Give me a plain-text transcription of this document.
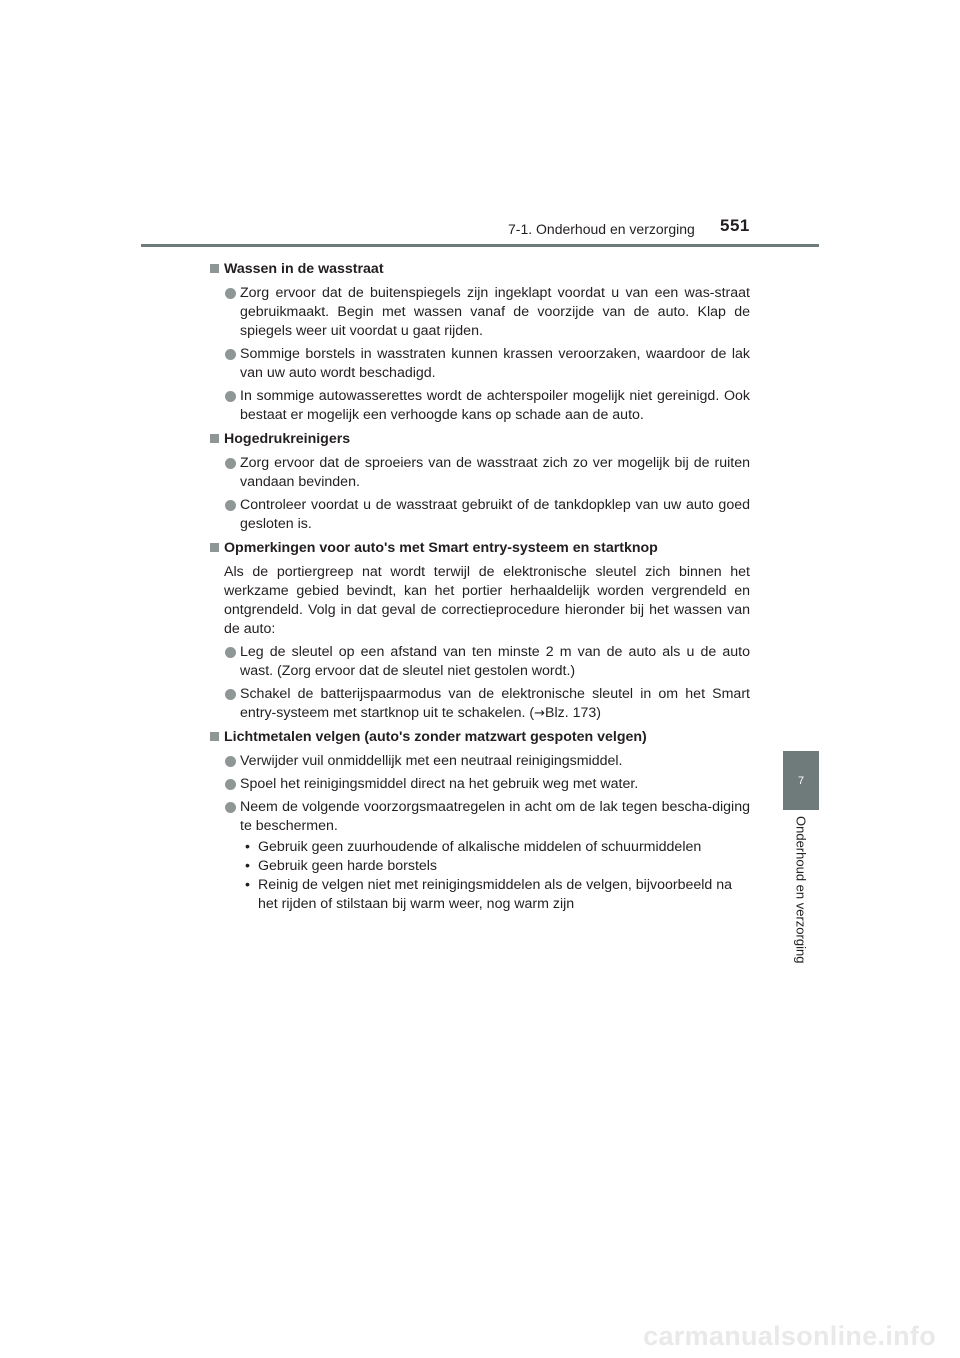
7-1. Onderhoud en verzorging 551
7
Onderhoud en verzorging
Wassen in de wasstraat
Zorg ervoor dat de buitenspiegels zijn ingeklapt voordat u van een was-straat gebruikmaakt. Begin met wassen vanaf de voorzijde van de auto. Klap de spiegels weer uit voordat u gaat rijden.
Sommige borstels in wasstraten kunnen krassen veroorzaken, waardoor de lak van uw auto wordt beschadigd.
In sommige autowasserettes wordt de achterspoiler mogelijk niet gereinigd. Ook bestaat er mogelijk een verhoogde kans op schade aan de auto.
Hogedrukreinigers
Zorg ervoor dat de sproeiers van de wasstraat zich zo ver mogelijk bij de ruiten vandaan bevinden.
Controleer voordat u de wasstraat gebruikt of de tankdopklep van uw auto goed gesloten is.
Opmerkingen voor auto's met Smart entry-systeem en startknop
Als de portiergreep nat wordt terwijl de elektronische sleutel zich binnen het werkzame gebied bevindt, kan het portier herhaaldelijk worden vergrendeld en ontgrendeld. Volg in dat geval de correctieprocedure hieronder bij het wassen van de auto:
Leg de sleutel op een afstand van ten minste 2 m van de auto als u de auto wast. (Zorg ervoor dat de sleutel niet gestolen wordt.)
Schakel de batterijspaarmodus van de elektronische sleutel in om het Smart entry-systeem met startknop uit te schakelen. (→Blz. 173)
Lichtmetalen velgen (auto's zonder matzwart gespoten velgen)
Verwijder vuil onmiddellijk met een neutraal reinigingsmiddel.
Spoel het reinigingsmiddel direct na het gebruik weg met water.
Neem de volgende voorzorgsmaatregelen in acht om de lak tegen bescha-diging te beschermen.
• Gebruik geen zuurhoudende of alkalische middelen of schuurmiddelen
• Gebruik geen harde borstels
• Reinig de velgen niet met reinigingsmiddelen als de velgen, bijvoorbeeld na het rijden of stilstaan bij warm weer, nog warm zijn
carmanualsonline.info
